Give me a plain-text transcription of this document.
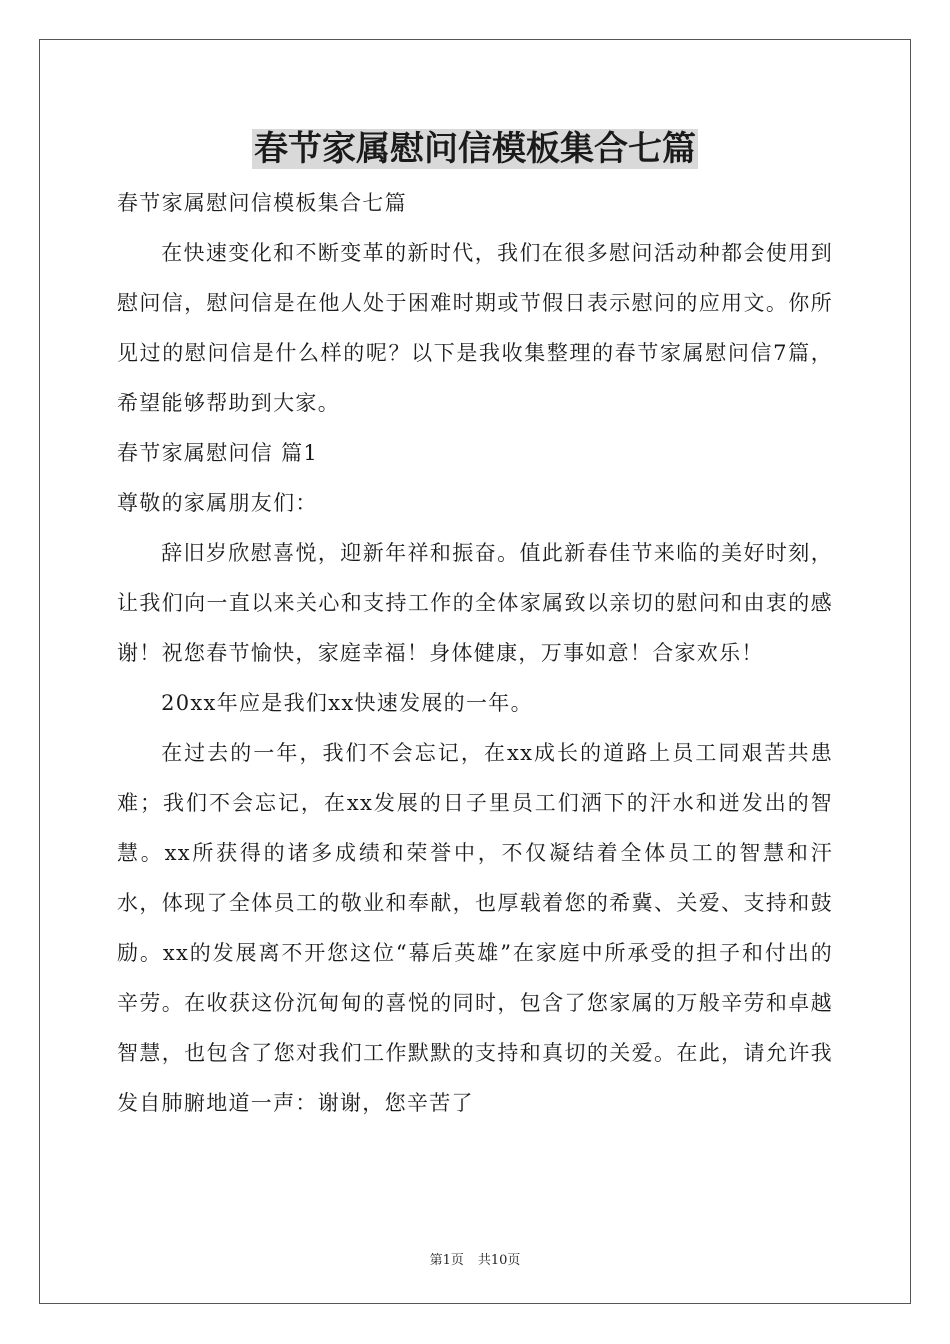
春节家属慰问信模板集合七篇

春节家属慰问信模板集合七篇

在快速变化和不断变革的新时代，我们在很多慰问活动种都会使用到慰问信，慰问信是在他人处于困难时期或节假日表示慰问的应用文。你所见过的慰问信是什么样的呢？以下是我收集整理的春节家属慰问信7篇，希望能够帮助到大家。

春节家属慰问信 篇1

尊敬的家属朋友们：

辞旧岁欣慰喜悦，迎新年祥和振奋。值此新春佳节来临的美好时刻，让我们向一直以来关心和支持工作的全体家属致以亲切的慰问和由衷的感谢！祝您春节愉快，家庭幸福！身体健康，万事如意！合家欢乐！

20xx年应是我们xx快速发展的一年。

在过去的一年，我们不会忘记，在xx成长的道路上员工同艰苦共患难；我们不会忘记，在xx发展的日子里员工们洒下的汗水和迸发出的智慧。xx所获得的诸多成绩和荣誉中，不仅凝结着全体员工的智慧和汗水，体现了全体员工的敬业和奉献，也厚载着您的希冀、关爱、支持和鼓励。xx的发展离不开您这位“幕后英雄”在家庭中所承受的担子和付出的辛劳。在收获这份沉甸甸的喜悦的同时，包含了您家属的万般辛劳和卓越智慧，也包含了您对我们工作默默的支持和真切的关爱。在此，请允许我发自肺腑地道一声：谢谢，您辛苦了

第1页 共10页
